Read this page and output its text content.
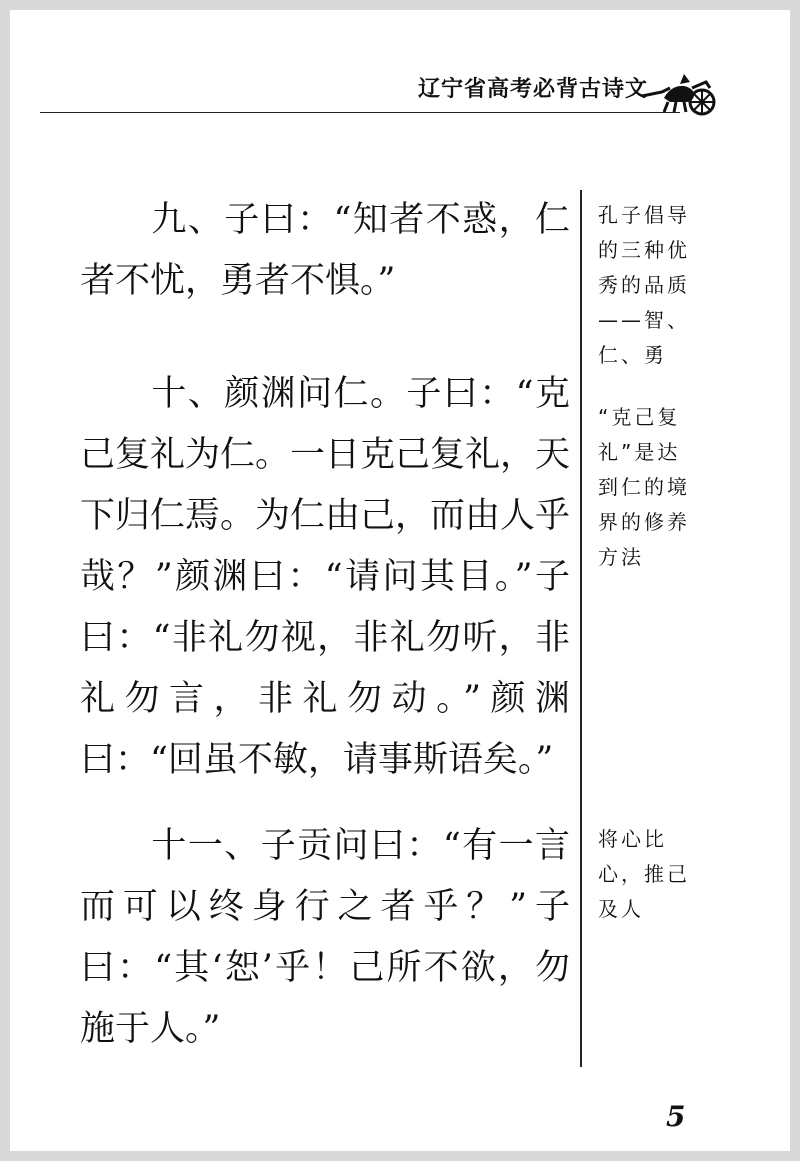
辽宁省高考必背古诗文

九、子曰：“知者不惑，仁者不忧，勇者不惧。”

孔子倡导的三种优秀的品质——智、仁、勇

十、颜渊问仁。子曰：“克己复礼为仁。一日克己复礼，天下归仁焉。为仁由己，而由人乎哉？”颜渊曰：“请问其目。”子曰：“非礼勿视，非礼勿听，非礼勿言，非礼勿动。”颜渊曰：“回虽不敏，请事斯语矣。”

“克己复礼”是达到仁的境界的修养方法

十一、子贡问曰：“有一言而可以终身行之者乎？”子曰：“其‘恕’乎！己所不欲，勿施于人。”

将心比心，推己及人

5
